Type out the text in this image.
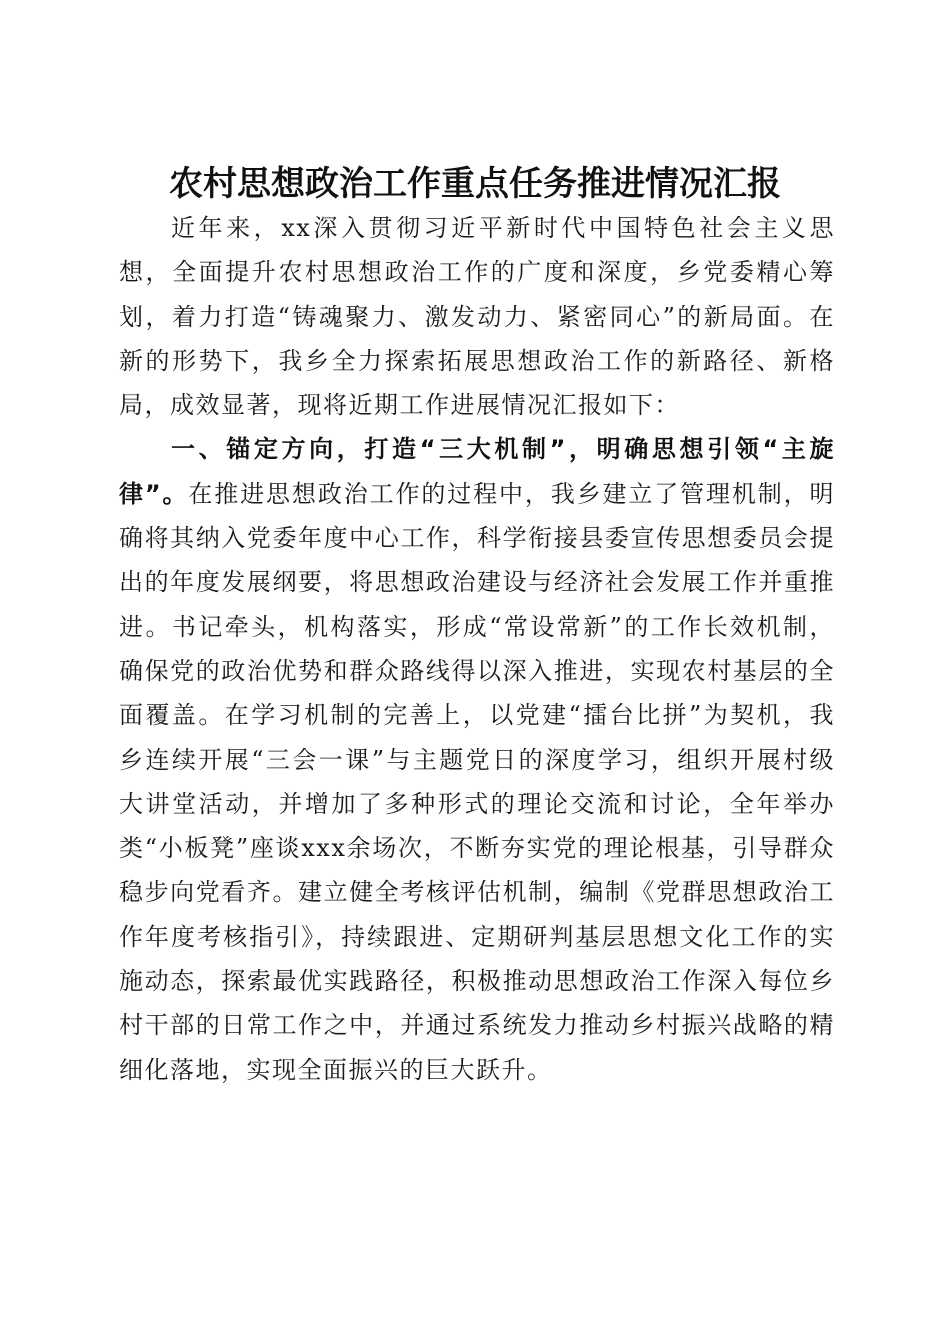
农村思想政治工作重点任务推进情况汇报

近年来，xx深入贯彻习近平新时代中国特色社会主义思想，全面提升农村思想政治工作的广度和深度，乡党委精心筹划，着力打造“铸魂聚力、激发动力、紧密同心”的新局面。在新的形势下，我乡全力探索拓展思想政治工作的新路径、新格局，成效显著，现将近期工作进展情况汇报如下：

一、锚定方向，打造“三大机制”，明确思想引领“主旋律”。在推进思想政治工作的过程中，我乡建立了管理机制，明确将其纳入党委年度中心工作，科学衔接县委宣传思想委员会提出的年度发展纲要，将思想政治建设与经济社会发展工作并重推进。书记牵头，机构落实，形成“常设常新”的工作长效机制，确保党的政治优势和群众路线得以深入推进，实现农村基层的全面覆盖。在学习机制的完善上，以党建“擂台比拼”为契机，我乡连续开展“三会一课”与主题党日的深度学习，组织开展村级大讲堂活动，并增加了多种形式的理论交流和讨论，全年举办类“小板凳”座谈xxx余场次，不断夯实党的理论根基，引导群众稳步向党看齐。建立健全考核评估机制，编制《党群思想政治工作年度考核指引》，持续跟进、定期研判基层思想文化工作的实施动态，探索最优实践路径，积极推动思想政治工作深入每位乡村干部的日常工作之中，并通过系统发力推动乡村振兴战略的精细化落地，实现全面振兴的巨大跃升。
